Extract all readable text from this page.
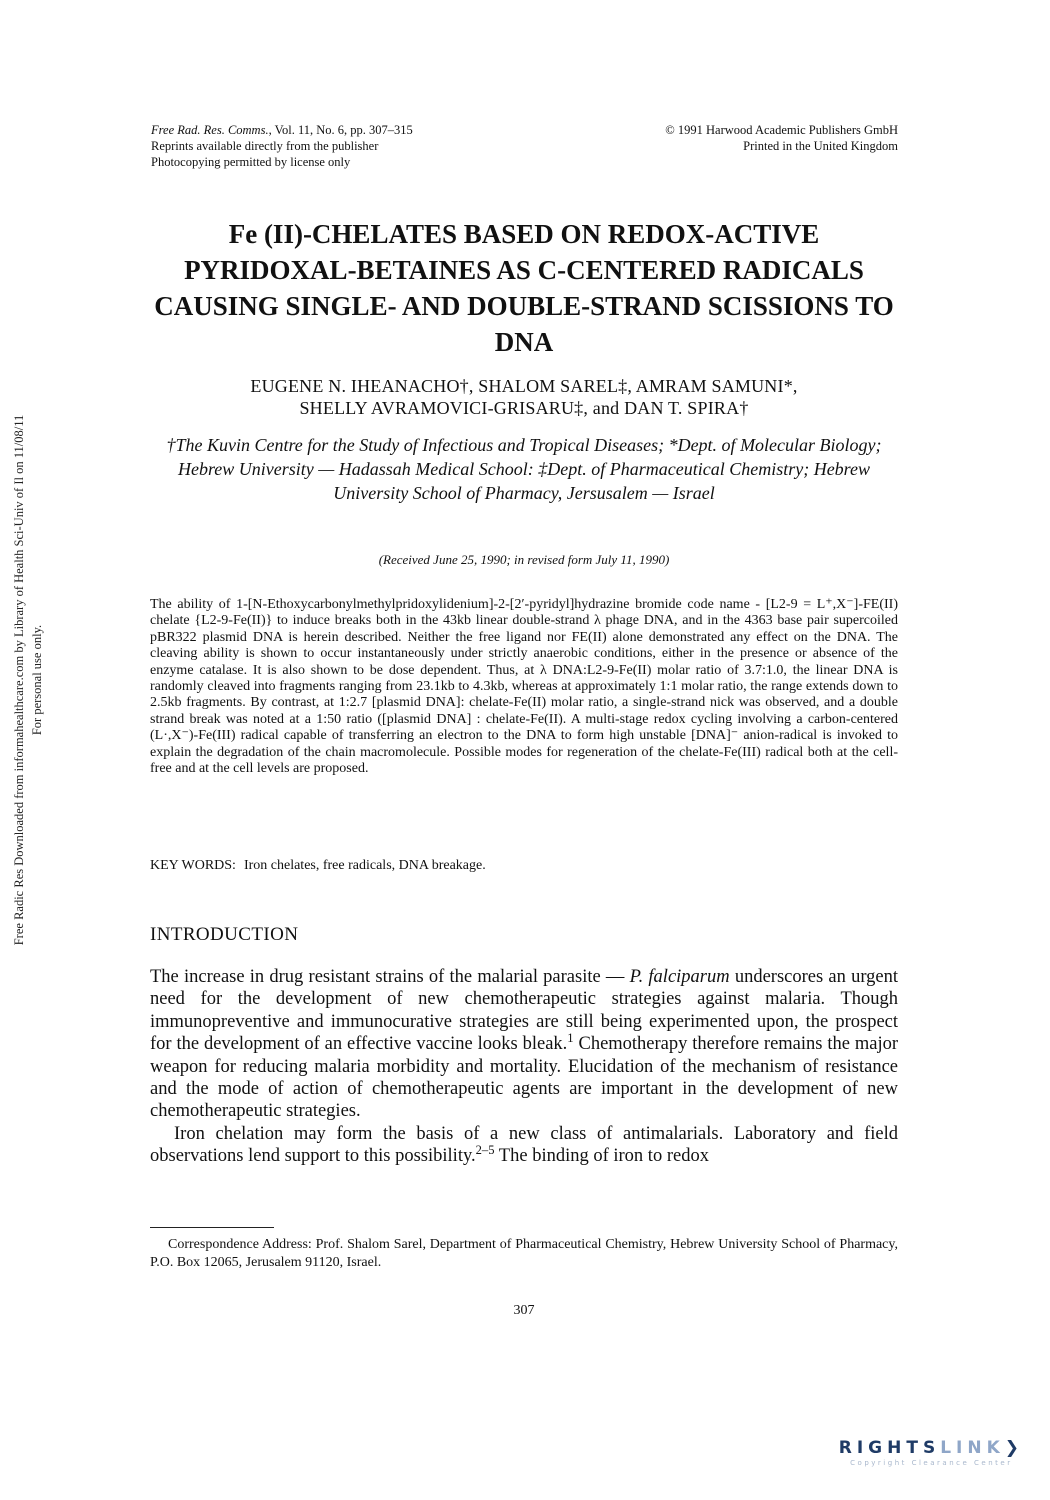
Free Radic Res Downloaded from informahealthcare.com by Library of Health Sci-Univ of Il on 11/08/11 For personal use only.
Free Rad. Res. Comms., Vol. 11, No. 6, pp. 307–315
Reprints available directly from the publisher
Photocopying permitted by license only
© 1991 Harwood Academic Publishers GmbH
Printed in the United Kingdom
Fe (II)-CHELATES BASED ON REDOX-ACTIVE PYRIDOXAL-BETAINES AS C-CENTERED RADICALS CAUSING SINGLE- AND DOUBLE-STRAND SCISSIONS TO DNA
EUGENE N. IHEANACHO†, SHALOM SAREL‡, AMRAM SAMUNI*,
SHELLY AVRAMOVICI-GRISARU‡, and DAN T. SPIRA†
†The Kuvin Centre for the Study of Infectious and Tropical Diseases; *Dept. of Molecular Biology; Hebrew University — Hadassah Medical School: ‡Dept. of Pharmaceutical Chemistry; Hebrew University School of Pharmacy, Jersusalem — Israel
(Received June 25, 1990; in revised form July 11, 1990)
The ability of 1-[N-Ethoxycarbonylmethylpridoxylidenium]-2-[2′-pyridyl]hydrazine bromide code name - [L2-9 = L⁺,X⁻]-FE(II) chelate {L2-9-Fe(II)} to induce breaks both in the 43kb linear double-strand λ phage DNA, and in the 4363 base pair supercoiled pBR322 plasmid DNA is herein described. Neither the free ligand nor FE(II) alone demonstrated any effect on the DNA. The cleaving ability is shown to occur instantaneously under strictly anaerobic conditions, either in the presence or absence of the enzyme catalase. It is also shown to be dose dependent. Thus, at λ DNA:L2-9-Fe(II) molar ratio of 3.7:1.0, the linear DNA is randomly cleaved into fragments ranging from 23.1kb to 4.3kb, whereas at approximately 1:1 molar ratio, the range extends down to 2.5kb fragments. By contrast, at 1:2.7 [plasmid DNA]: chelate-Fe(II) molar ratio, a single-strand nick was observed, and a double strand break was noted at a 1:50 ratio ([plasmid DNA] : chelate-Fe(II). A multi-stage redox cycling involving a carbon-centered (L·,X⁻)-Fe(III) radical capable of transferring an electron to the DNA to form high unstable [DNA]⁻ anion-radical is invoked to explain the degradation of the chain macromolecule. Possible modes for regeneration of the chelate-Fe(III) radical both at the cell-free and at the cell levels are proposed.
KEY WORDS: Iron chelates, free radicals, DNA breakage.
INTRODUCTION

The increase in drug resistant strains of the malarial parasite — P. falciparum underscores an urgent need for the development of new chemotherapeutic strategies against malaria. Though immunopreventive and immunocurative strategies are still being experimented upon, the prospect for the development of an effective vaccine looks bleak.$^1$ Chemotherapy therefore remains the major weapon for reducing malaria morbidity and mortality. Elucidation of the mechanism of resistance and the mode of action of chemotherapeutic agents are important in the development of new chemotherapeutic strategies.

Iron chelation may form the basis of a new class of antimalarials. Laboratory and field observations lend support to this possibility.$^{2-5}$ The binding of iron to redox

Correspondence Address: Prof. Shalom Sarel, Department of Pharmaceutical Chemistry, Hebrew University School of Pharmacy, P.O. Box 12065, Jerusalem 91120, Israel.
307
RIGHTSLINK❯
Copyright Clearance Center
